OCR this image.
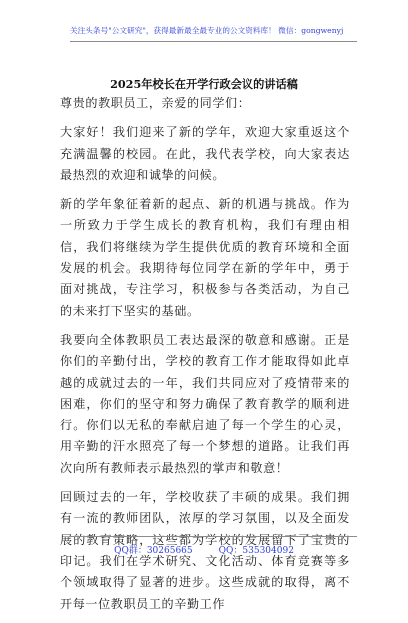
关注头条号"公文研究"，获得最新最全最专业的公文资料库！ 微信：gongwenyj
2025年校长在开学行政会议的讲话稿

尊贵的教职员工，亲爱的同学们：

大家好！我们迎来了新的学年，欢迎大家重返这个充满温馨的校园。在此，我代表学校，向大家表达最热烈的欢迎和诚挚的问候。

新的学年象征着新的起点、新的机遇与挑战。作为一所致力于学生成长的教育机构，我们有理由相信，我们将继续为学生提供优质的教育环境和全面发展的机会。我期待每位同学在新的学年中，勇于面对挑战，专注学习，积极参与各类活动，为自己的未来打下坚实的基础。

我要向全体教职员工表达最深的敬意和感谢。正是你们的辛勤付出，学校的教育工作才能取得如此卓越的成就过去的一年，我们共同应对了疫情带来的困难，你们的坚守和努力确保了教育教学的顺利进行。你们以无私的奉献启迪了每一个学生的心灵，用辛勤的汗水照亮了每一个梦想的道路。让我们再次向所有教师表示最热烈的掌声和敬意！

回顾过去的一年，学校收获了丰硕的成果。我们拥有一流的教师团队，浓厚的学习氛围，以及全面发展的教育策略，这些都为学校的发展留下了宝贵的印记。我们在学术研究、文化活动、体育竞赛等多个领域取得了显著的进步。这些成就的取得，离不开每一位教职员工的辛勤工作

QQ群：30265665	QQ：535304092
